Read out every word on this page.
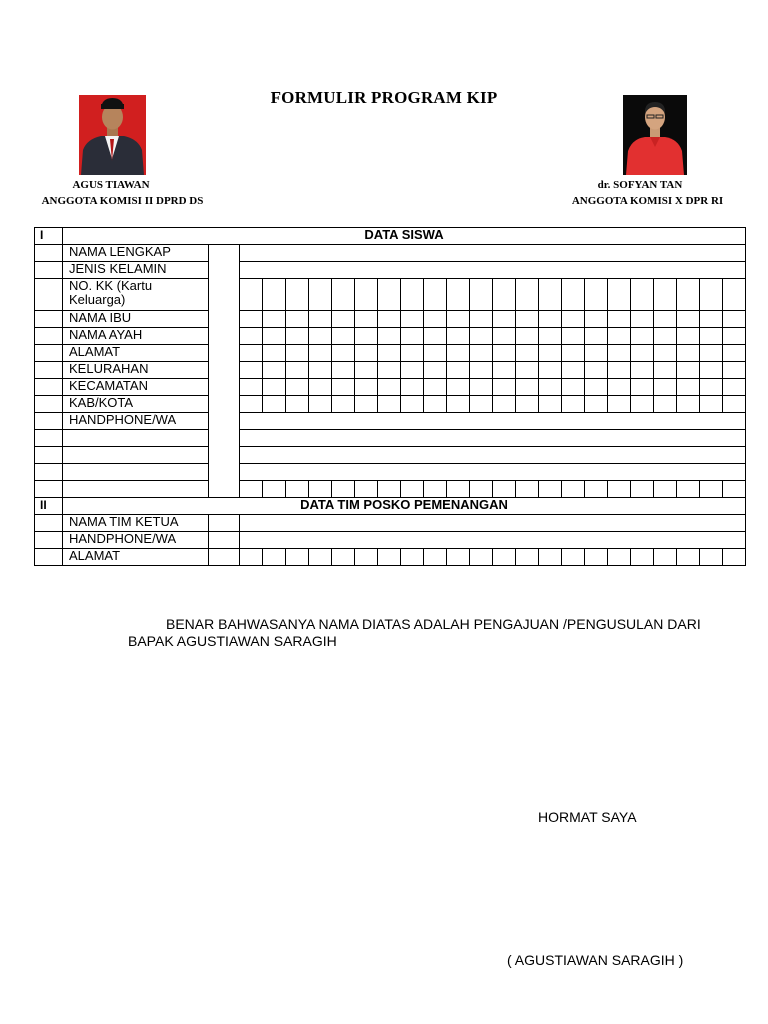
FORMULIR PROGRAM KIP
AGUS TIAWAN
ANGGOTA KOMISI II DPRD DS
dr. SOFYAN TAN
ANGGOTA KOMISI X DPR RI
I	DATA SISWA																							
	NAMA LENGKAP																							
	JENIS KELAMIN																							
	NO. KK (Kartu Keluarga)																							
	NAMA IBU																							
	NAMA AYAH																							
	ALAMAT																							
	KELURAHAN																							
	KECAMATAN																							
	KAB/KOTA																							
	HANDPHONE/WA																							

II	DATA TIM POSKO PEMENANGAN																							
	NAMA TIM KETUA																							
	HANDPHONE/WA																							
	ALAMAT																							
BENAR BAHWASANYA NAMA DIATAS ADALAH PENGAJUAN /PENGUSULAN DARI
BAPAK AGUSTIAWAN SARAGIH
HORMAT SAYA
( AGUSTIAWAN SARAGIH )
